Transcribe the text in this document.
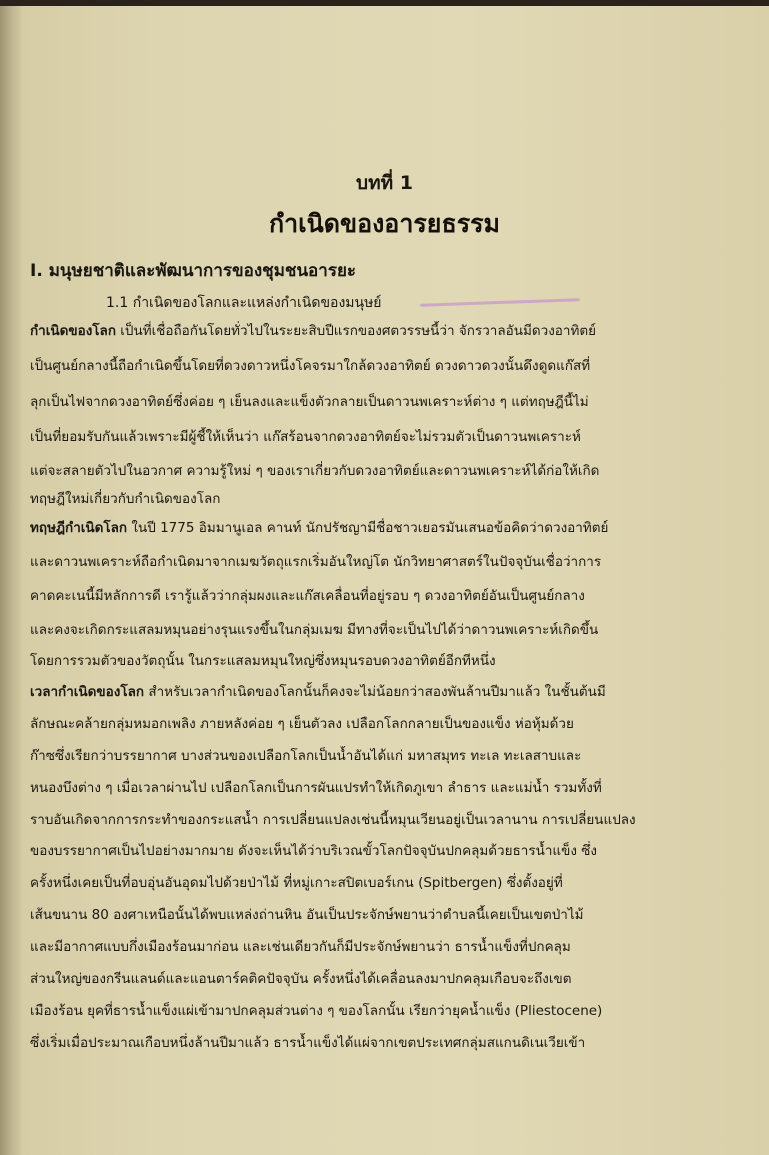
บทที่ 1
กำเนิดของอารยธรรม
I. มนุษยชาติและพัฒนาการของชุมชนอารยะ
1.1 กำเนิดของโลกและแหล่งกำเนิดของมนุษย์
กำเนิดของโลก เป็นที่เชื่อถือกันโดยทั่วไปในระยะสิบปีแรกของศตวรรษนี้ว่า จักรวาลอันมีดวงอาทิตย์
เป็นศูนย์กลางนี้ถือกำเนิดขึ้นโดยที่ดวงดาวหนึ่งโคจรมาใกล้ดวงอาทิตย์ ดวงดาวดวงนั้นดึงดูดแก๊สที่
ลุกเป็นไฟจากดวงอาทิตย์ซึ่งค่อย ๆ เย็นลงและแข็งตัวกลายเป็นดาวนพเคราะห์ต่าง ๆ แต่ทฤษฎีนี้ไม่
เป็นที่ยอมรับกันแล้วเพราะมีผู้ชี้ให้เห็นว่า แก๊สร้อนจากดวงอาทิตย์จะไม่รวมตัวเป็นดาวนพเคราะห์
แต่จะสลายตัวไปในอวกาศ ความรู้ใหม่ ๆ ของเราเกี่ยวกับดวงอาทิตย์และดาวนพเคราะห์ได้ก่อให้เกิด
ทฤษฎีใหม่เกี่ยวกับกำเนิดของโลก
ทฤษฎีกำเนิดโลก ในปี 1775 อิมมานูเอล คานท์ นักปรัชญามีชื่อชาวเยอรมันเสนอข้อคิดว่าดวงอาทิตย์
และดาวนพเคราะห์ถือกำเนิดมาจากเมฆวัตถุแรกเริ่มอันใหญ่โต นักวิทยาศาสตร์ในปัจจุบันเชื่อว่าการ
คาดคะเนนี้มีหลักการดี เรารู้แล้วว่ากลุ่มผงและแก๊สเคลื่อนที่อยู่รอบ ๆ ดวงอาทิตย์อันเป็นศูนย์กลาง
และคงจะเกิดกระแสลมหมุนอย่างรุนแรงขึ้นในกลุ่มเมฆ มีทางที่จะเป็นไปได้ว่าดาวนพเคราะห์เกิดขึ้น
โดยการรวมตัวของวัตถุนั้น ในกระแสลมหมุนใหญ่ซึ่งหมุนรอบดวงอาทิตย์อีกทีหนึ่ง
เวลากำเนิดของโลก สำหรับเวลากำเนิดของโลกนั้นก็คงจะไม่น้อยกว่าสองพันล้านปีมาแล้ว ในชั้นต้นมี
ลักษณะคล้ายกลุ่มหมอกเพลิง ภายหลังค่อย ๆ เย็นตัวลง เปลือกโลกกลายเป็นของแข็ง ห่อหุ้มด้วย
ก๊าซซึ่งเรียกว่าบรรยากาศ บางส่วนของเปลือกโลกเป็นน้ำอันได้แก่ มหาสมุทร ทะเล ทะเลสาบและ
หนองบึงต่าง ๆ เมื่อเวลาผ่านไป เปลือกโลกเป็นการผันแปรทำให้เกิดภูเขา ลำธาร และแม่น้ำ รวมทั้งที่
ราบอันเกิดจากการกระทำของกระแสน้ำ การเปลี่ยนแปลงเช่นนี้หมุนเวียนอยู่เป็นเวลานาน การเปลี่ยนแปลง
ของบรรยากาศเป็นไปอย่างมากมาย ดังจะเห็นได้ว่าบริเวณขั้วโลกปัจจุบันปกคลุมด้วยธารน้ำแข็ง ซึ่ง
ครั้งหนึ่งเคยเป็นที่อบอุ่นอันอุดมไปด้วยป่าไม้ ที่หมู่เกาะสปิตเบอร์เกน (Spitbergen) ซึ่งตั้งอยู่ที่
เส้นขนาน 80 องศาเหนือนั้นได้พบแหล่งถ่านหิน อันเป็นประจักษ์พยานว่าตำบลนี้เคยเป็นเขตป่าไม้
และมีอากาศแบบกึ่งเมืองร้อนมาก่อน และเช่นเดียวกันก็มีประจักษ์พยานว่า ธารน้ำแข็งที่ปกคลุม
ส่วนใหญ่ของกรีนแลนด์และแอนตาร์คติคปัจจุบัน ครั้งหนึ่งได้เคลื่อนลงมาปกคลุมเกือบจะถึงเขต
เมืองร้อน ยุคที่ธารน้ำแข็งแผ่เข้ามาปกคลุมส่วนต่าง ๆ ของโลกนั้น เรียกว่ายุคน้ำแข็ง (Pliestocene)
ซึ่งเริ่มเมื่อประมาณเกือบหนึ่งล้านปีมาแล้ว ธารน้ำแข็งได้แผ่จากเขตประเทศกลุ่มสแกนดิเนเวียเข้า
